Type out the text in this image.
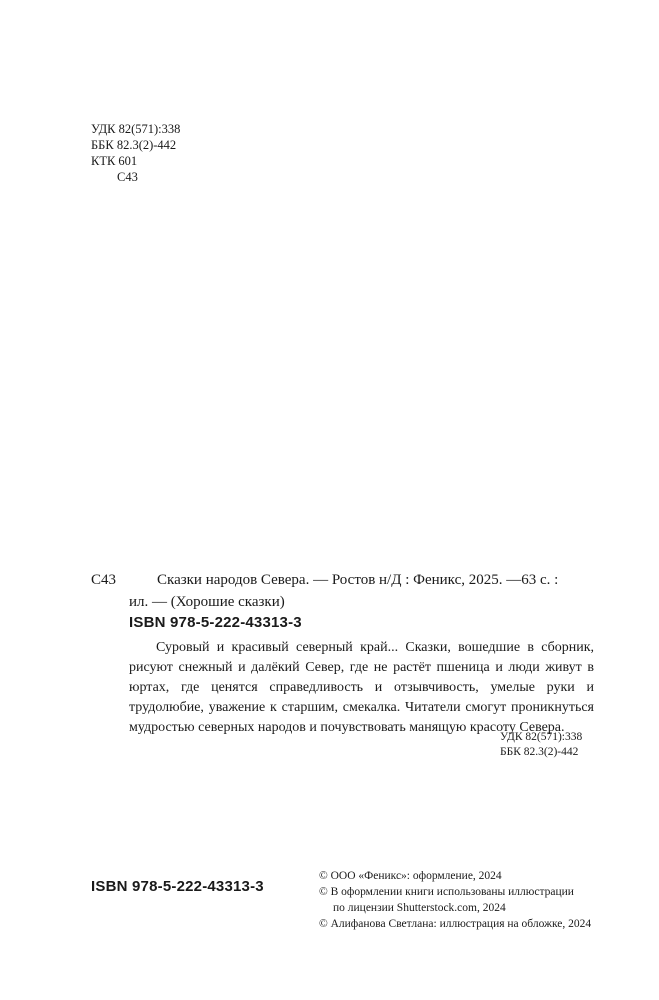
УДК 82(571):338
ББК 82.3(2)-442
КТК 601
С43
С43	Сказки народов Севера. — Ростов н/Д : Феникс, 2025. —63 с. :
ил. — (Хорошие сказки)
ISBN 978-5-222-43313-3

Суровый и красивый северный край... Сказки, вошедшие в сборник, рисуют снежный и далёкий Север, где не растёт пшеница и люди живут в юртах, где ценятся справедливость и отзывчивость, умелые руки и трудолюбие, уважение к старшим, смекалка. Читатели смогут проникнуться мудростью северных народов и почувствовать манящую красоту Севера.

УДК 82(571):338
ББК 82.3(2)-442
ISBN 978-5-222-43313-3
© ООО «Феникс»: оформление, 2024
© В оформлении книги использованы иллюстрации
по лицензии Shutterstock.com, 2024
© Алифанова Светлана: иллюстрация на обложке, 2024
